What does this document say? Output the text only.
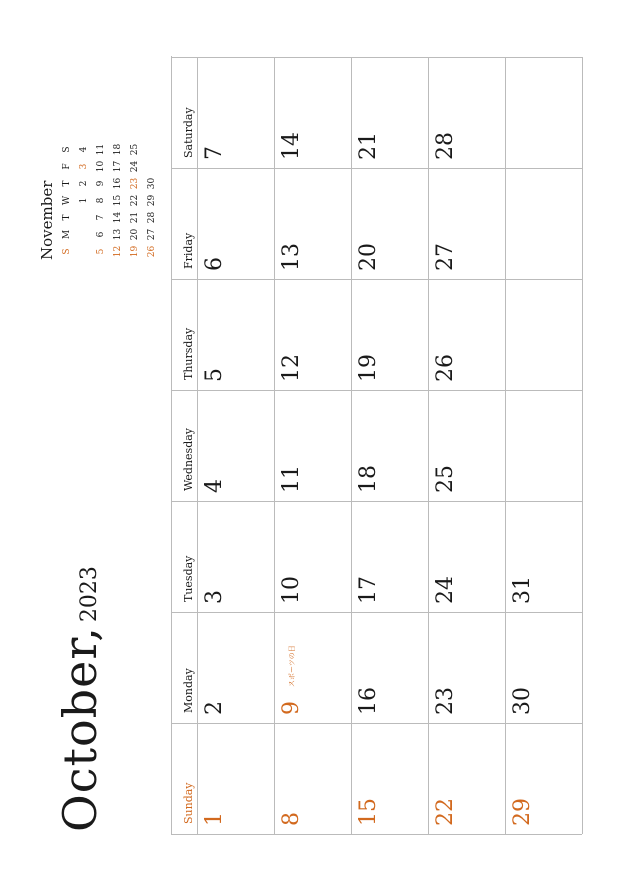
October,2023
Sunday
Monday
Tuesday
Wednesday
Thursday
Friday
Saturday
1
2
3
4
5
6
7
8
$9^{スポーツの日}$
10
11
12
13
14
15
16
17
18
19
20
21
22
23
24
25
26
27
28
29
30
31
November S
M
T
W
T
F
S
1
2
3
4
5
6
7
8
9
10
11
12
13
14
15
16
17
18
19
20
21
22
23
24
25
26
27
28
29
30
